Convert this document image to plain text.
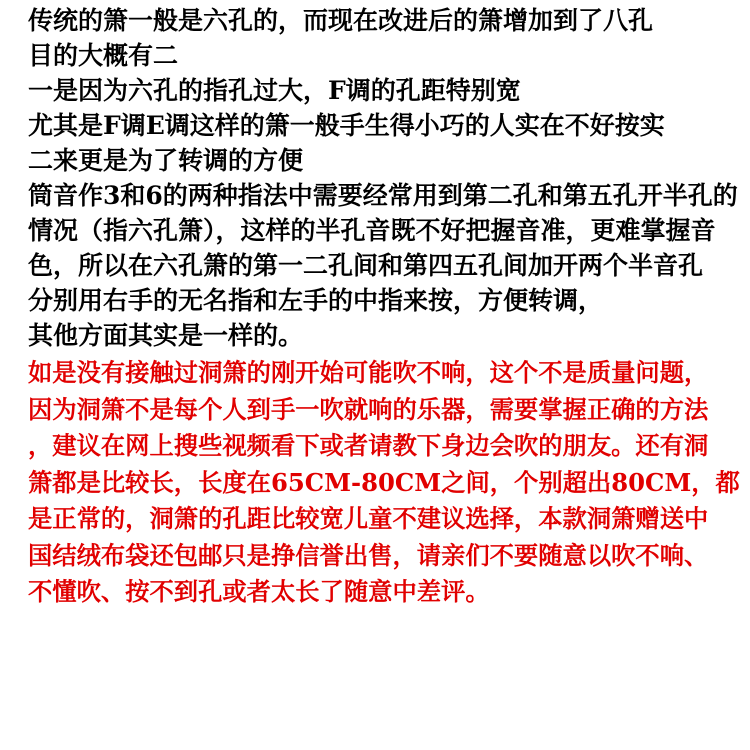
传统的箫一般是六孔的，而现在改进后的箫增加到了八孔
目的大概有二
一是因为六孔的指孔过大，F调的孔距特别宽
尤其是F调E调这样的箫一般手生得小巧的人实在不好按实
二来更是为了转调的方便
筒音作3和6的两种指法中需要经常用到第二孔和第五孔开半孔的
情况（指六孔箫），这样的半孔音既不好把握音准，更难掌握音
色，所以在六孔箫的第一二孔间和第四五孔间加开两个半音孔
分别用右手的无名指和左手的中指来按，方便转调，
其他方面其实是一样的。
如是没有接触过洞箫的刚开始可能吹不响，这个不是质量问题，
因为洞箫不是每个人到手一吹就响的乐器，需要掌握正确的方法
，建议在网上搜些视频看下或者请教下身边会吹的朋友。还有洞
箫都是比较长，长度在65CM-80CM之间，个别超出80CM，都
是正常的，洞箫的孔距比较宽儿童不建议选择，本款洞箫赠送中
国结绒布袋还包邮只是挣信誉出售，请亲们不要随意以吹不响、
不懂吹、按不到孔或者太长了随意中差评。
